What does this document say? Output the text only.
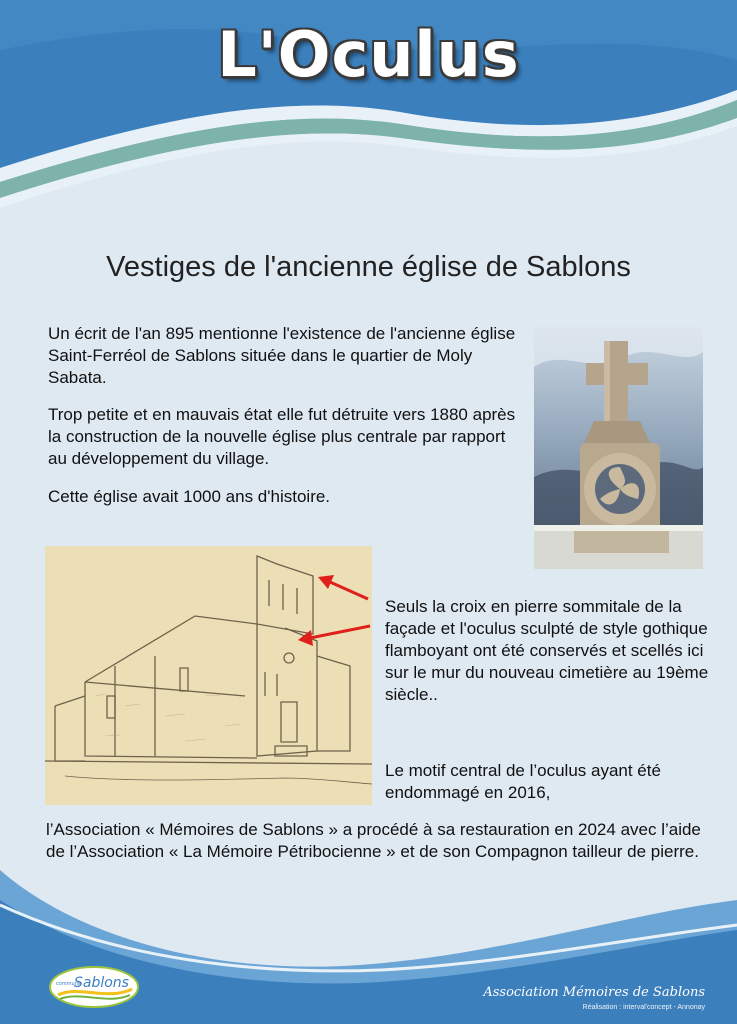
L'Oculus
Vestiges de l'ancienne église de Sablons

Un écrit de l'an 895 mentionne l'existence de l'ancienne église Saint-Ferréol de Sablons située dans le quartier de Moly Sabata.

Trop petite et en mauvais état elle fut détruite vers 1880 après la construction de la nouvelle église plus centrale par rapport au développement du village.

Cette église avait 1000 ans d'histoire.

Seuls la croix en pierre sommitale de la façade et l'oculus sculpté de style gothique flamboyant ont été conservés et scellés ici sur le mur du nouveau cimetière au 19ème siècle..

Le motif central de l’oculus ayant été endommagé en 2016,

l’Association « Mémoires de Sablons » a procédé à sa restauration en 2024 avec l’aide de l’Association « La Mémoire Pétribocienne » et de son Compagnon tailleur de pierre.

Sablons
commune
Association Mémoires de Sablons
Réalisation : interval'concept - Annonay
